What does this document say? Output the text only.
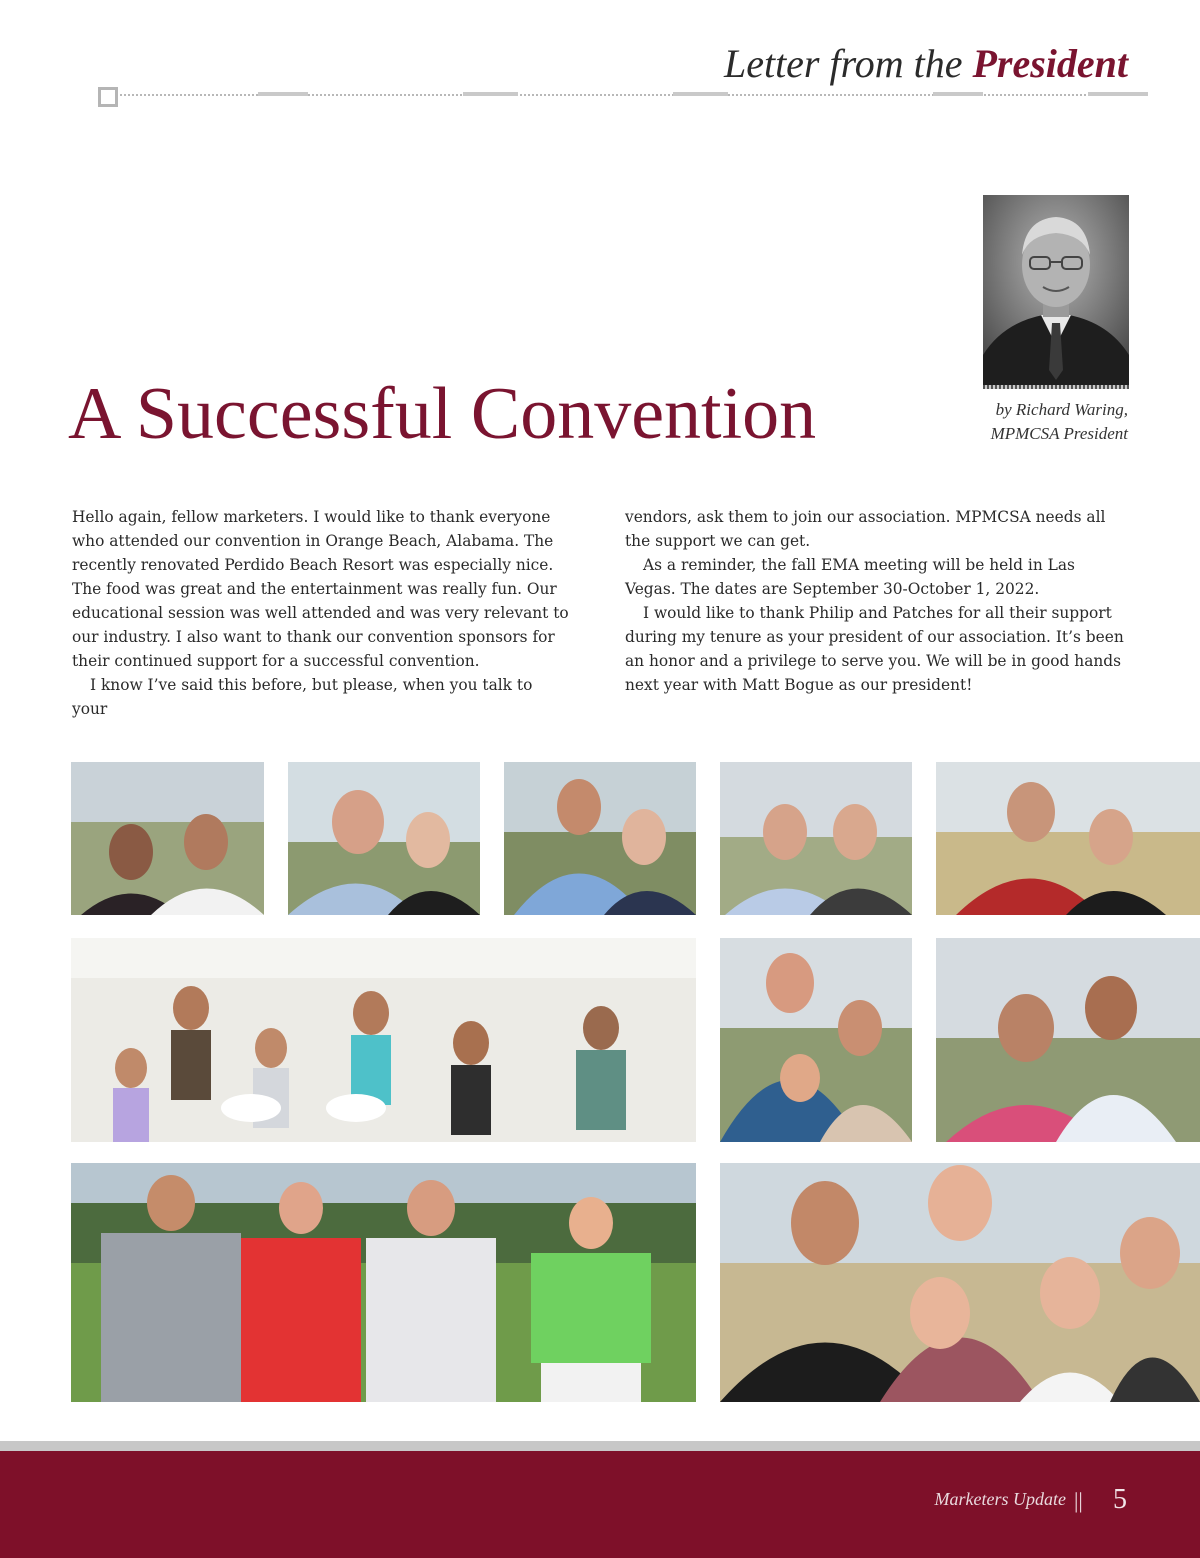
Letter from the President
by Richard Waring,
MPMCSA President
A Successful Convention

Hello again, fellow marketers. I would like to thank everyone who attended our convention in Orange Beach, Alabama. The recently renovated Perdido Beach Resort was especially nice. The food was great and the entertainment was really fun. Our educational session was well attended and was very relevant to our industry. I also want to thank our convention sponsors for their continued support for a successful convention.

I know I’ve said this before, but please, when you talk to your

vendors, ask them to join our association. MPMCSA needs all the support we can get.

As a reminder, the fall EMA meeting will be held in Las Vegas. The dates are September 30-October 1, 2022.

I would like to thank Philip and Patches for all their support during my tenure as your president of our association. It’s been an honor and a privilege to serve you. We will be in good hands next year with Matt Bogue as our president!

Marketers Update || 5
